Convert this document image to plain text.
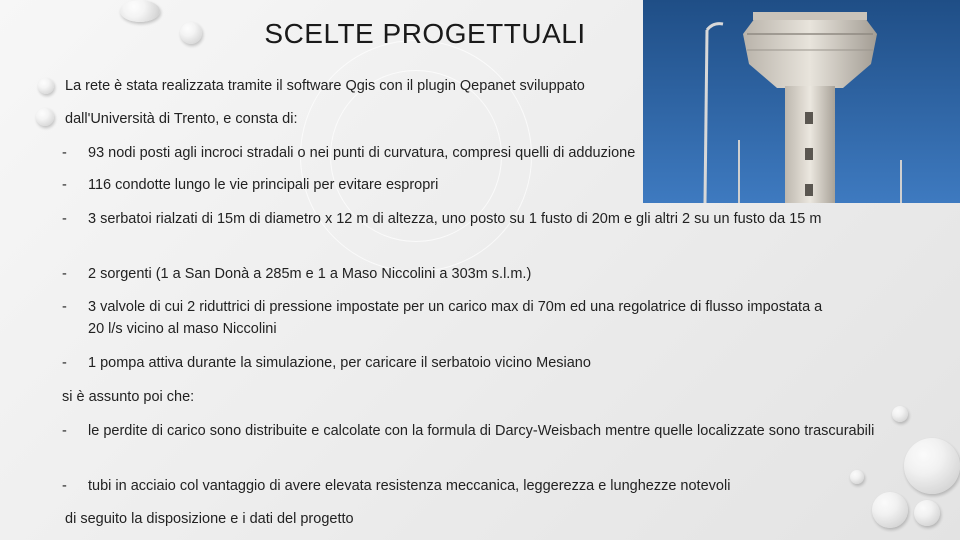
SCELTE PROGETTUALI
La rete è stata realizzata tramite il software Qgis con il plugin Qepanet sviluppato
dall'Università di Trento, e consta di:
- 93 nodi posti agli incroci stradali o nei punti di curvatura, compresi quelli di adduzione
- 116 condotte lungo le vie principali per evitare espropri
- 3 serbatoi rialzati di 15m di diametro x 12 m di altezza, uno posto su 1 fusto di 20m e gli altri 2 su un fusto da 15 m
- 2 sorgenti (1 a San Donà a 285m e 1 a Maso Niccolini a 303m s.l.m.)
- 3 valvole di cui 2 riduttrici di pressione impostate per un carico max di 70m ed una regolatrice di flusso impostata a 20 l/s vicino al maso Niccolini
- 1 pompa attiva durante la simulazione, per caricare il serbatoio vicino Mesiano
si è assunto poi che:
- le perdite di carico sono distribuite e calcolate con la formula di Darcy-Weisbach mentre quelle localizzate sono trascurabili
- tubi in acciaio col vantaggio di avere elevata resistenza meccanica, leggerezza e lunghezze notevoli
di seguito la disposizione e i dati del progetto
